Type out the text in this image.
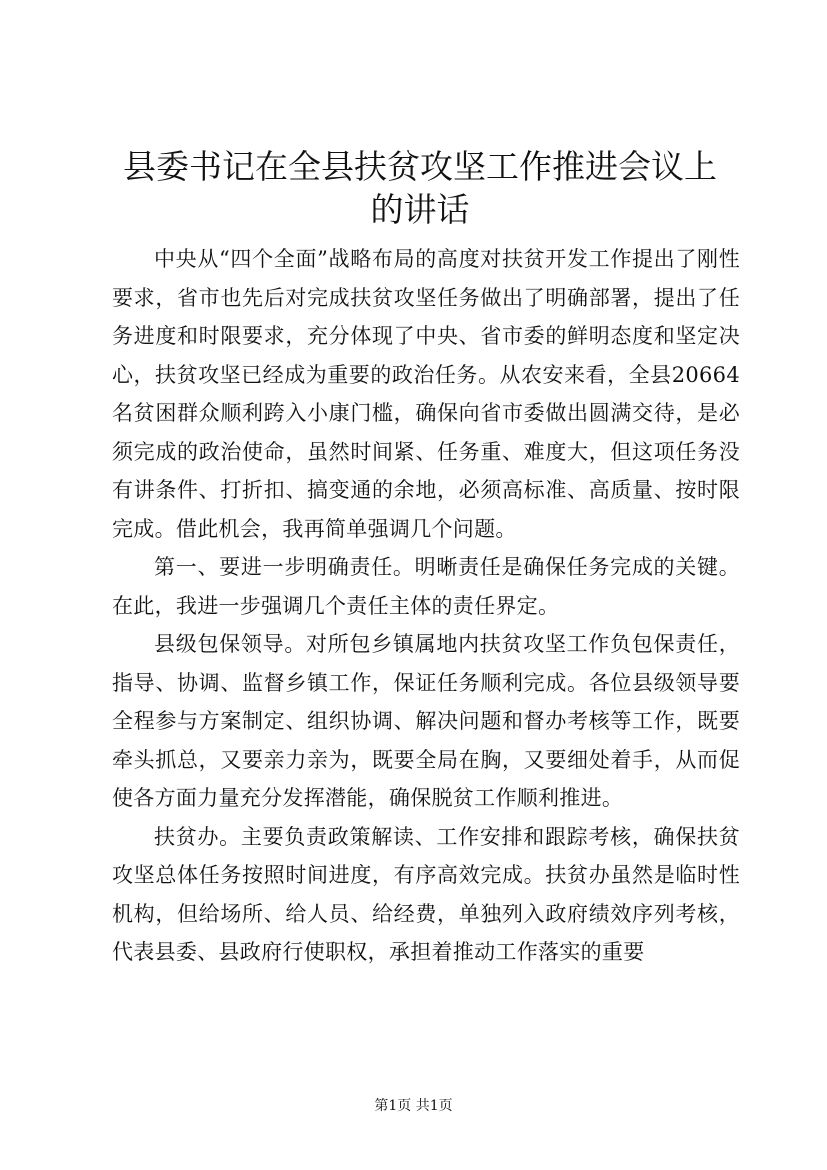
县委书记在全县扶贫攻坚工作推进会议上的讲话

中央从“四个全面”战略布局的高度对扶贫开发工作提出了刚性要求，省市也先后对完成扶贫攻坚任务做出了明确部署，提出了任务进度和时限要求，充分体现了中央、省市委的鲜明态度和坚定决心，扶贫攻坚已经成为重要的政治任务。从农安来看，全县20664名贫困群众顺利跨入小康门槛，确保向省市委做出圆满交待，是必须完成的政治使命，虽然时间紧、任务重、难度大，但这项任务没有讲条件、打折扣、搞变通的余地，必须高标准、高质量、按时限完成。借此机会，我再简单强调几个问题。

第一、要进一步明确责任。明晰责任是确保任务完成的关键。在此，我进一步强调几个责任主体的责任界定。

县级包保领导。对所包乡镇属地内扶贫攻坚工作负包保责任，指导、协调、监督乡镇工作，保证任务顺利完成。各位县级领导要全程参与方案制定、组织协调、解决问题和督办考核等工作，既要牵头抓总，又要亲力亲为，既要全局在胸，又要细处着手，从而促使各方面力量充分发挥潜能，确保脱贫工作顺利推进。

扶贫办。主要负责政策解读、工作安排和跟踪考核，确保扶贫攻坚总体任务按照时间进度，有序高效完成。扶贫办虽然是临时性机构，但给场所、给人员、给经费，单独列入政府绩效序列考核，代表县委、县政府行使职权，承担着推动工作落实的重要

第1页 共1页
